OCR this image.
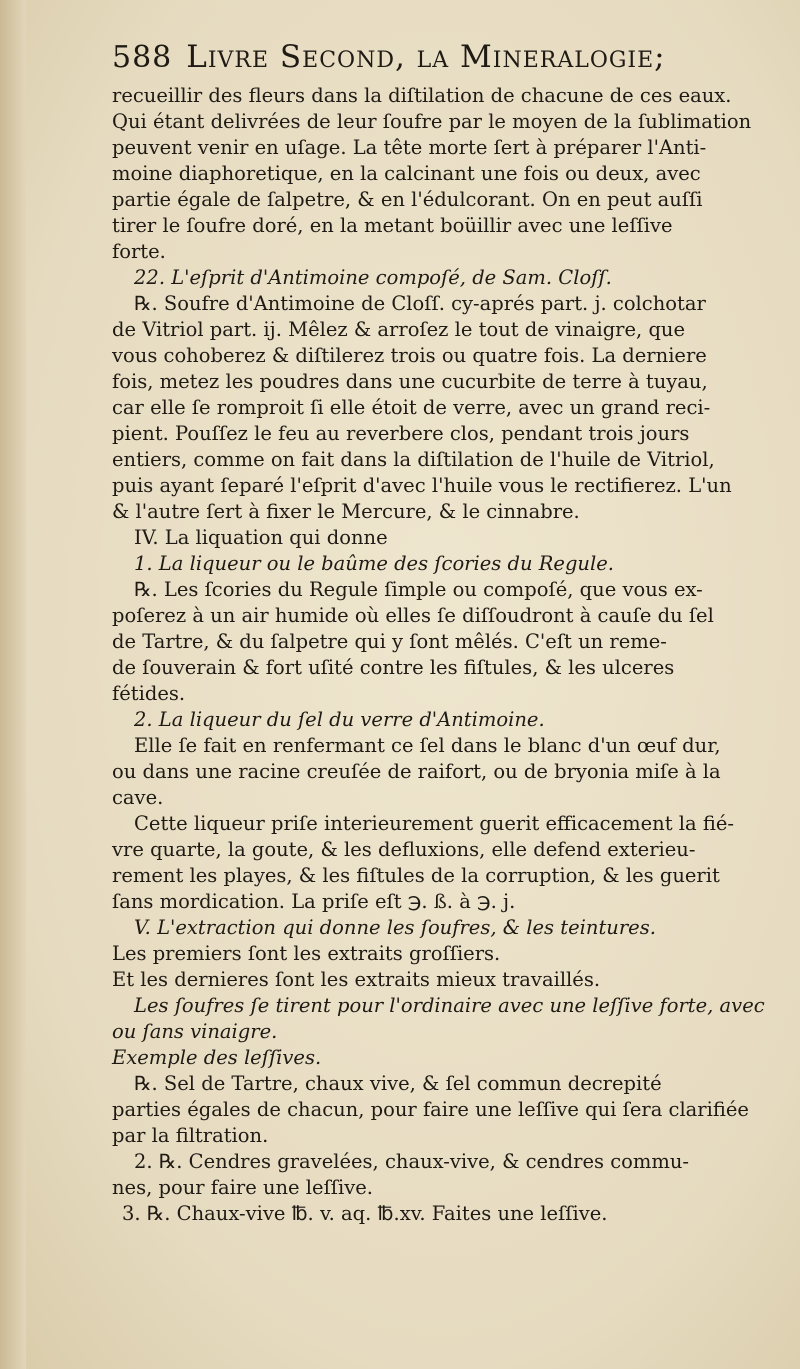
588 Livre Second, la Mineralogie;
recueillir des fleurs dans la diſtilation de chacune de ces eaux.
Qui étant delivrées de leur ſoufre par le moyen de la ſublimation
peuvent venir en uſage. La tête morte ſert à préparer l'Anti-
moine diaphoretique, en la calcinant une fois ou deux, avec
partie égale de ſalpetre, & en l'édulcorant. On en peut auſſi
tirer le ſoufre doré, en la metant boüillir avec une leſſive
forte.
22. L'eſprit d'Antimoine compoſé, de Sam. Cloſſ.
℞. Soufre d'Antimoine de Cloſſ. cy-aprés part. j. colchotar
de Vitriol part. ij. Mêlez & arroſez le tout de vinaigre, que
vous cohoberez & diſtilerez trois ou quatre fois. La derniere
fois, metez les poudres dans une cucurbite de terre à tuyau,
car elle ſe romproit ſi elle étoit de verre, avec un grand reci-
pient. Pouſſez le feu au reverbere clos, pendant trois jours
entiers, comme on fait dans la diſtilation de l'huile de Vitriol,
puis ayant ſeparé l'eſprit d'avec l'huile vous le rectifierez. L'un
& l'autre ſert à fixer le Mercure, & le cinnabre.
IV. La liquation qui donne
1. La liqueur ou le baûme des ſcories du Regule.
℞. Les ſcories du Regule ſimple ou compoſé, que vous ex-
poſerez à un air humide où elles ſe diſſoudront à cauſe du ſel
de Tartre, & du ſalpetre qui y ſont mêlés. C'eſt un reme-
de ſouverain & fort uſité contre les fiſtules, & les ulceres
fétides.
2. La liqueur du ſel du verre d'Antimoine.
Elle ſe fait en renfermant ce ſel dans le blanc d'un œuf dur,
ou dans une racine creuſée de raifort, ou de bryonia miſe à la
cave.
Cette liqueur priſe interieurement guerit efficacement la fié-
vre quarte, la goute, & les defluxions, elle defend exterieu-
rement les playes, & les fiſtules de la corruption, & les guerit
ſans mordication. La priſe eſt ℈. ß. à ℈. j.
V. L'extraction qui donne les ſoufres, & les teintures.
Les premiers ſont les extraits groſſiers.
Et les dernieres ſont les extraits mieux travaillés.
Les ſoufres ſe tirent pour l'ordinaire avec une leſſive forte, avec
ou ſans vinaigre.
Exemple des leſſives.
℞. Sel de Tartre, chaux vive, & ſel commun decrepité
parties égales de chacun, pour faire une leſſive qui ſera clarifiée
par la filtration.
2. ℞. Cendres gravelées, chaux-vive, & cendres commu-
nes, pour faire une leſſive.
3. ℞. Chaux-vive ℔. v. aq. ℔.xv. Faites une leſſive.
